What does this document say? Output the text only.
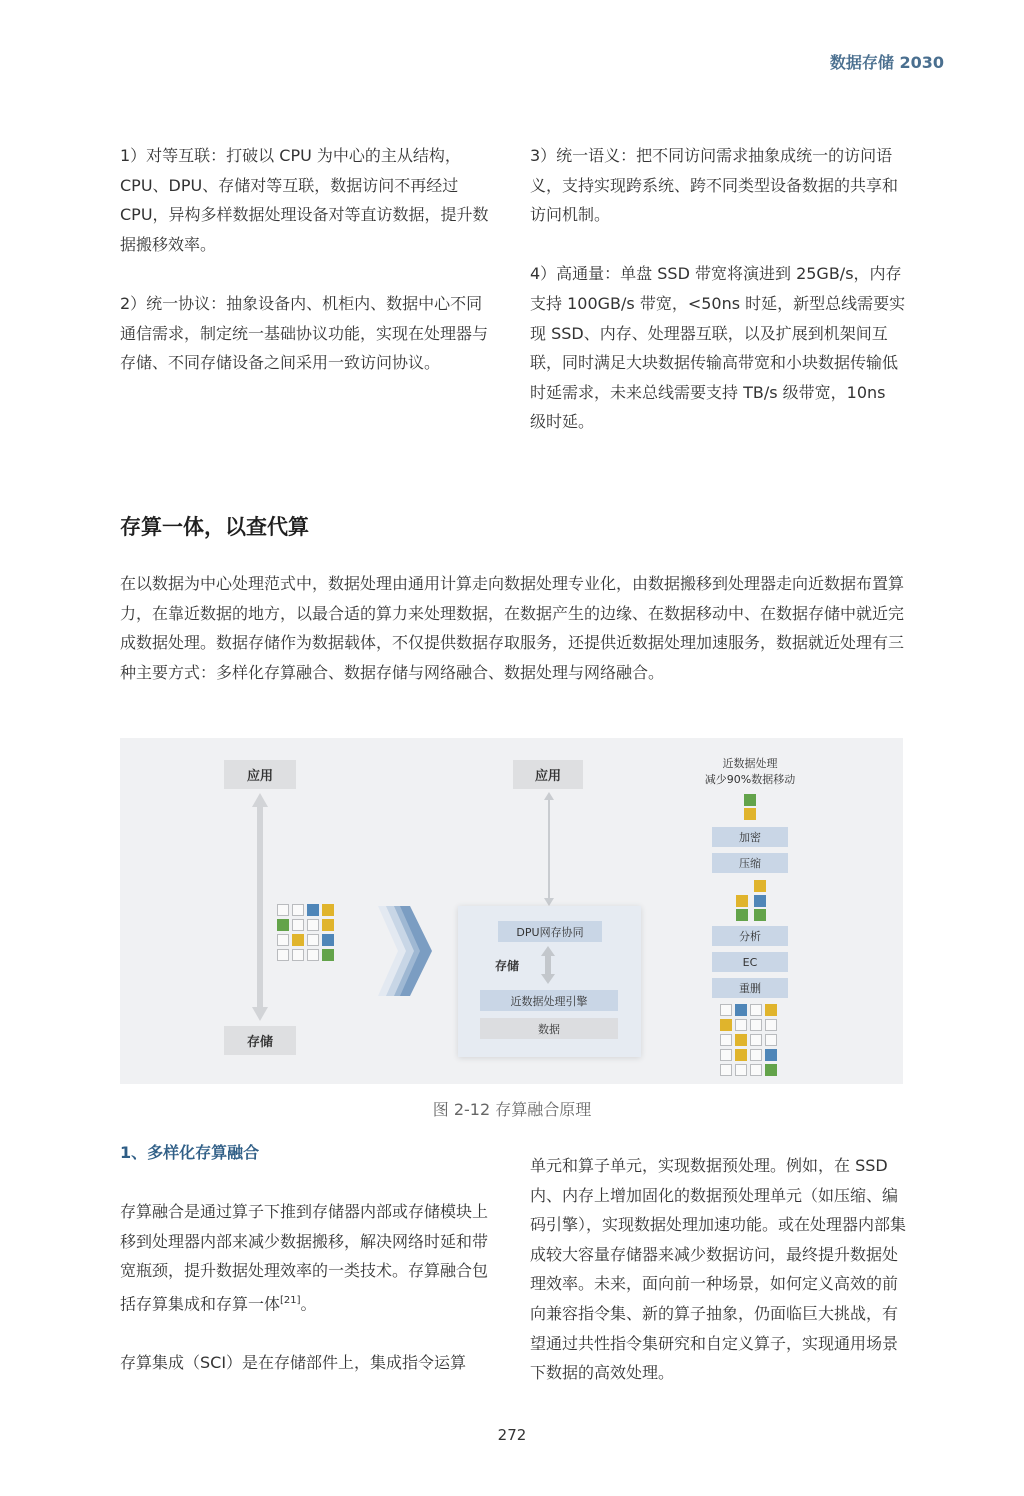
数据存储 2030

1）对等互联：打破以 CPU 为中心的主从结构，CPU、DPU、存储对等互联，数据访问不再经过 CPU，异构多样数据处理设备对等直访数据，提升数据搬移效率。

2）统一协议：抽象设备内、机柜内、数据中心不同通信需求，制定统一基础协议功能，实现在处理器与存储、不同存储设备之间采用一致访问协议。

3）统一语义：把不同访问需求抽象成统一的访问语义，支持实现跨系统、跨不同类型设备数据的共享和访问机制。

4）高通量：单盘 SSD 带宽将演进到 25GB/s，内存支持 100GB/s 带宽，<50ns 时延，新型总线需要实现 SSD、内存、处理器互联，以及扩展到机架间互联，同时满足大块数据传输高带宽和小块数据传输低时延需求，未来总线需要支持 TB/s 级带宽，10ns 级时延。

存算一体，以查代算
在以数据为中心处理范式中，数据处理由通用计算走向数据处理专业化，由数据搬移到处理器走向近数据布置算力，在靠近数据的地方，以最合适的算力来处理数据，在数据产生的边缘、在数据移动中、在数据存储中就近完成数据处理。数据存储作为数据载体，不仅提供数据存取服务，还提供近数据处理加速服务，数据就近处理有三种主要方式：多样化存算融合、数据存储与网络融合、数据处理与网络融合。
应用
存储
应用
DPU网存协同
存储
近数据处理引擎
数据
近数据处理
减少90%数据移动
加密
压缩
分析
EC
重删
图 2-12 存算融合原理
1、多样化存算融合

存算融合是通过算子下推到存储器内部或存储模块上移到处理器内部来减少数据搬移，解决网络时延和带宽瓶颈，提升数据处理效率的一类技术。存算融合包括存算集成和存算一体[21]。

存算集成（SCI）是在存储部件上，集成指令运算

单元和算子单元，实现数据预处理。例如，在 SSD 内、内存上增加固化的数据预处理单元（如压缩、编码引擎），实现数据处理加速功能。或在处理器内部集成较大容量存储器来减少数据访问，最终提升数据处理效率。未来，面向前一种场景，如何定义高效的前向兼容指令集、新的算子抽象，仍面临巨大挑战，有望通过共性指令集研究和自定义算子，实现通用场景下数据的高效处理。

272
